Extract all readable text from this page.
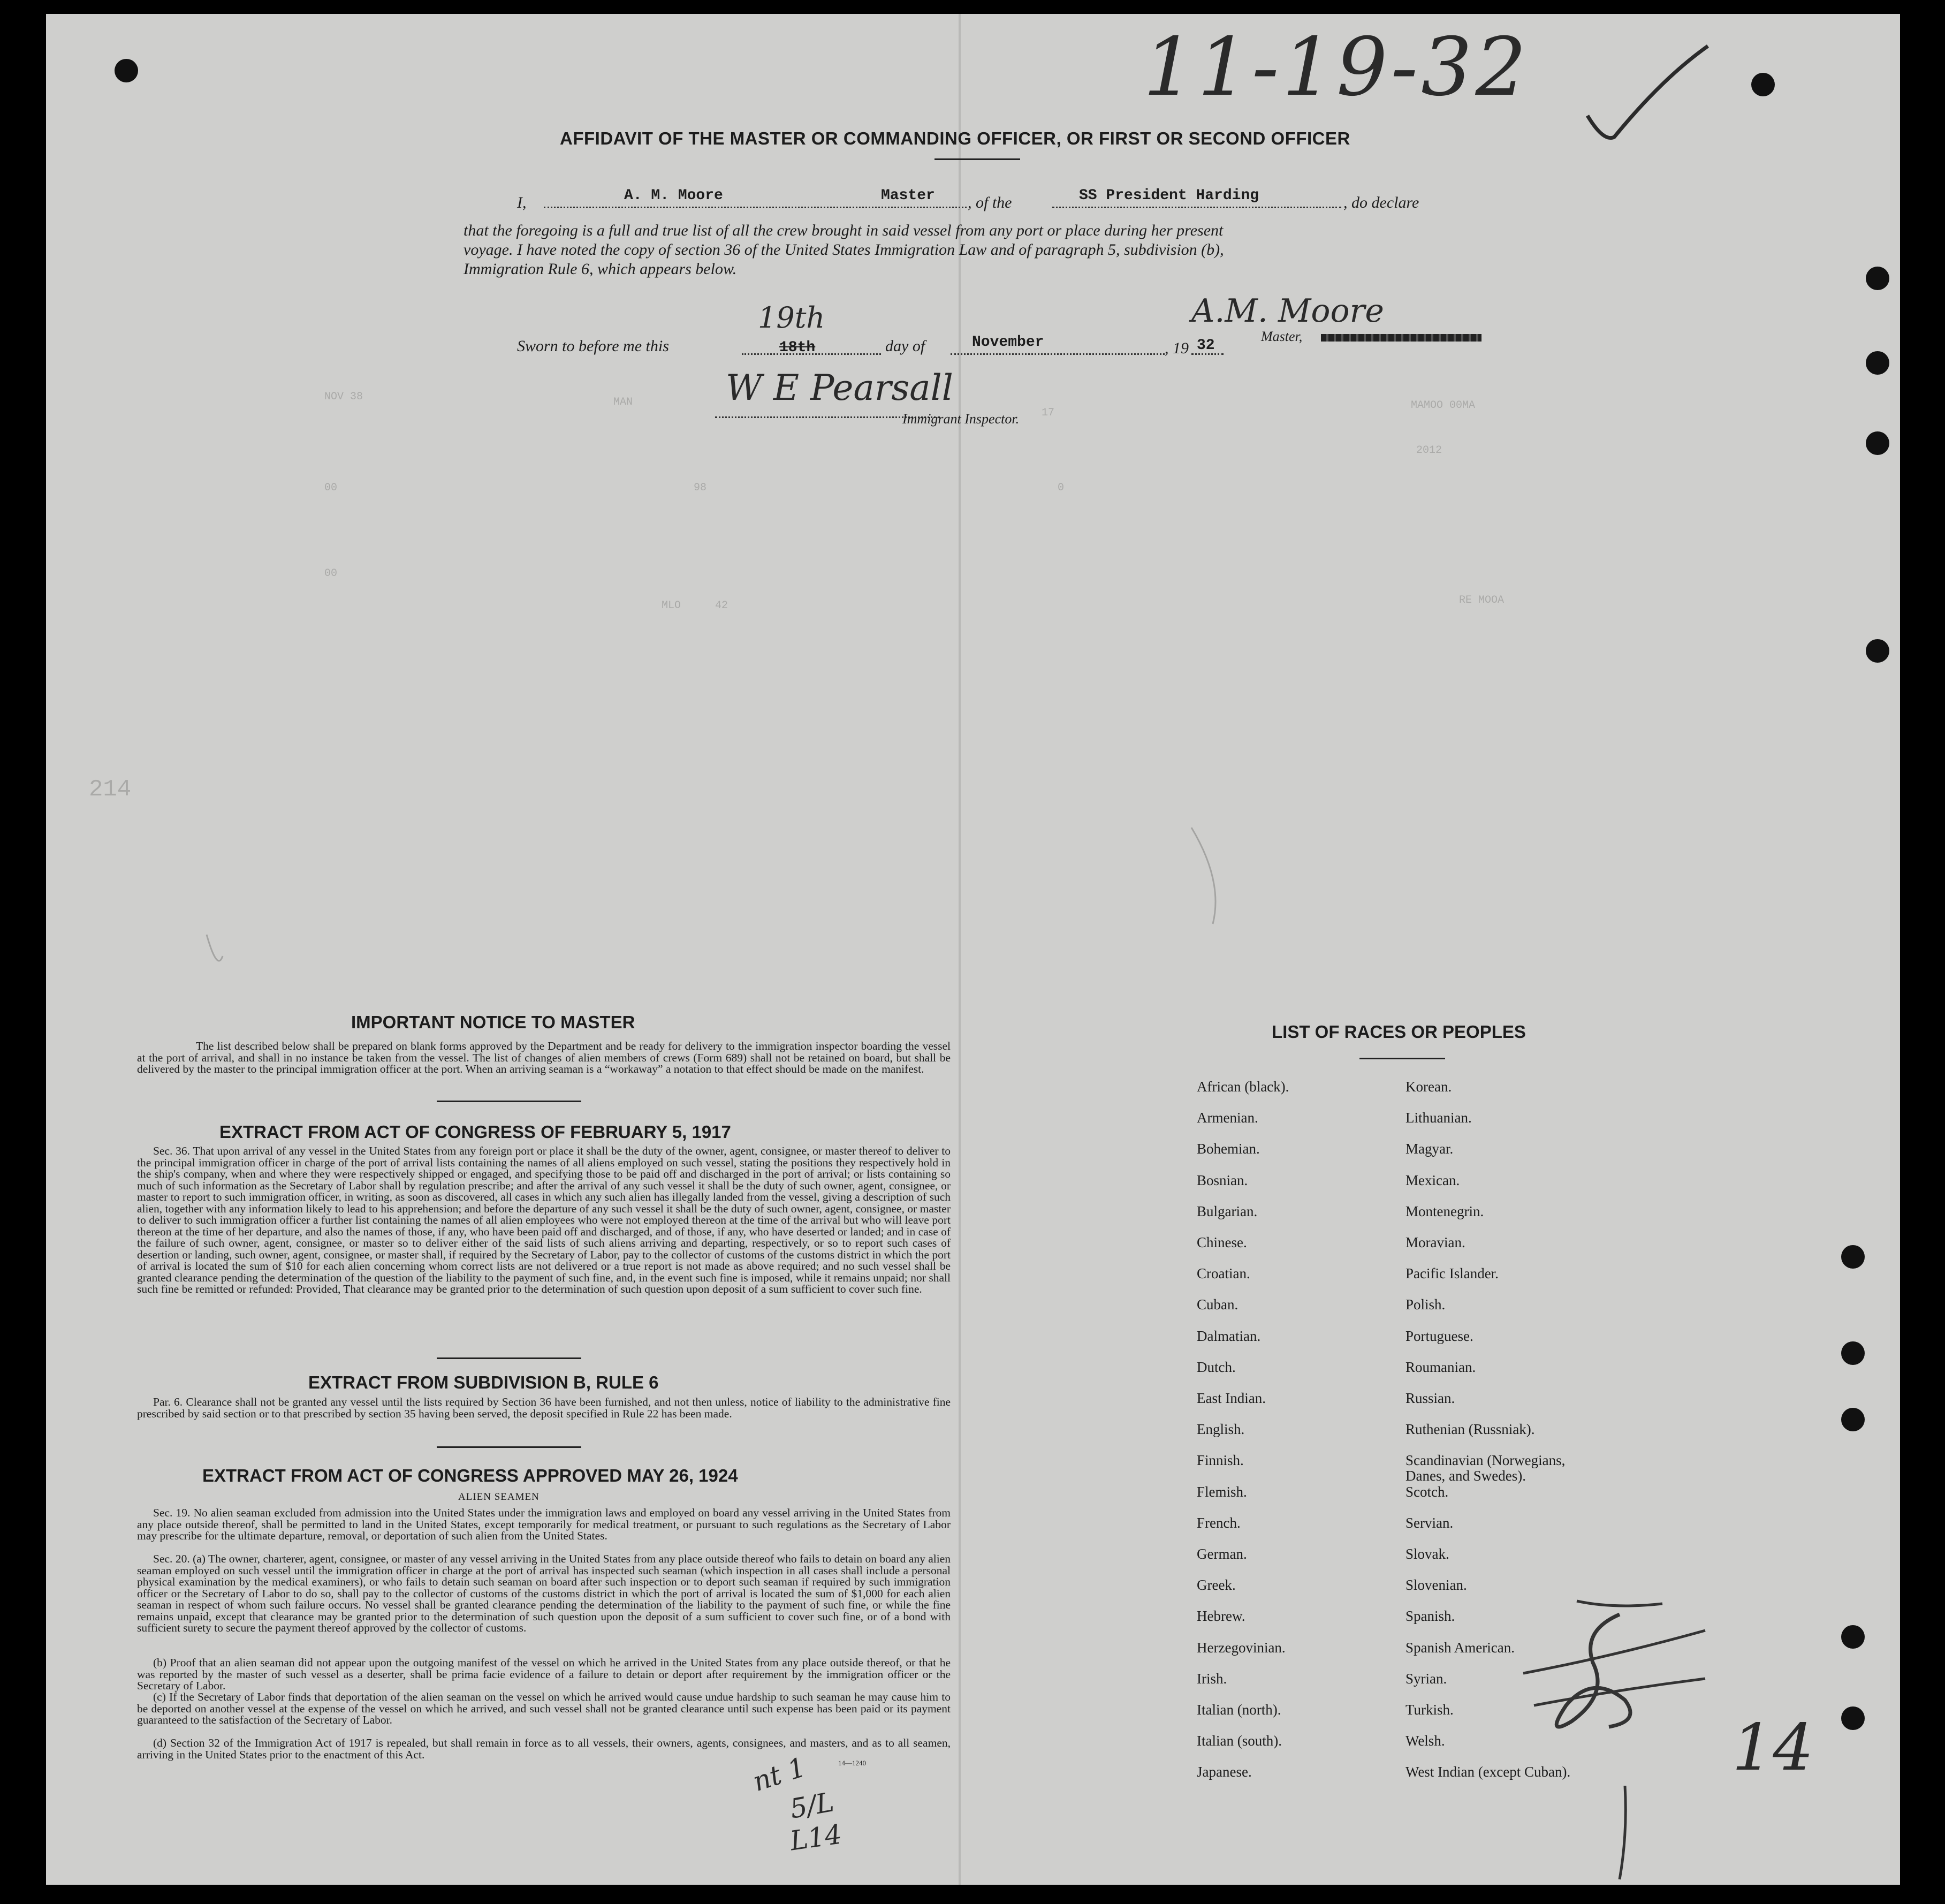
11-19-32
AFFIDAVIT OF THE MASTER OR COMMANDING OFFICER, OR FIRST OR SECOND OFFICER
I,	A. M. Moore	Master , of the	SS President Harding	, do declare
that the foregoing is a full and true list of all the crew brought in said vessel from any port or place during her present
voyage. I have noted the copy of section 36 of the United States Immigration Law and of paragraph 5, subdivision (b),
Immigration Rule 6, which appears below.
A.M. Moore
Master,
Sworn to before me this
19th
18th	day of	November	, 19 32
W E Pearsall
Immigrant Inspector.
NOV 38	MAN
17
00	98	0
00
MLO	42
214
MAMOO 00MA
2012
RE MOOA
IMPORTANT NOTICE TO MASTER

The list described below shall be prepared on blank forms approved by the Department and be ready for delivery to the immigration inspector boarding the vessel at the port of arrival, and shall in no instance be taken from the vessel. The list of changes of alien members of crews (Form 689) shall not be retained on board, but shall be delivered by the master to the principal immigration officer at the port. When an arriving seaman is a “workaway” a notation to that effect should be made on the manifest.

EXTRACT FROM ACT OF CONGRESS OF FEBRUARY 5, 1917

Sec. 36. That upon arrival of any vessel in the United States from any foreign port or place it shall be the duty of the owner, agent, consignee, or master thereof to deliver to the principal immigration officer in charge of the port of arrival lists containing the names of all aliens employed on such vessel, stating the positions they respectively hold in the ship's company, when and where they were respectively shipped or engaged, and specifying those to be paid off and discharged in the port of arrival; or lists containing so much of such information as the Secretary of Labor shall by regulation prescribe; and after the arrival of any such vessel it shall be the duty of such owner, agent, consignee, or master to report to such immigration officer, in writing, as soon as discovered, all cases in which any such alien has illegally landed from the vessel, giving a description of such alien, together with any information likely to lead to his apprehension; and before the departure of any such vessel it shall be the duty of such owner, agent, consignee, or master to deliver to such immigration officer a further list containing the names of all alien employees who were not employed thereon at the time of the arrival but who will leave port thereon at the time of her departure, and also the names of those, if any, who have been paid off and discharged, and of those, if any, who have deserted or landed; and in case of the failure of such owner, agent, consignee, or master so to deliver either of the said lists of such aliens arriving and departing, respectively, or so to report such cases of desertion or landing, such owner, agent, consignee, or master shall, if required by the Secretary of Labor, pay to the collector of customs of the customs district in which the port of arrival is located the sum of $10 for each alien concerning whom correct lists are not delivered or a true report is not made as above required; and no such vessel shall be granted clearance pending the determination of the question of the liability to the payment of such fine, and, in the event such fine is imposed, while it remains unpaid; nor shall such fine be remitted or refunded: Provided, That clearance may be granted prior to the determination of such question upon deposit of a sum sufficient to cover such fine.

EXTRACT FROM SUBDIVISION B, RULE 6

Par. 6. Clearance shall not be granted any vessel until the lists required by Section 36 have been furnished, and not then unless, notice of liability to the administrative fine prescribed by said section or to that prescribed by section 35 having been served, the deposit specified in Rule 22 has been made.

EXTRACT FROM ACT OF CONGRESS APPROVED MAY 26, 1924
ALIEN SEAMEN

Sec. 19. No alien seaman excluded from admission into the United States under the immigration laws and employed on board any vessel arriving in the United States from any place outside thereof, shall be permitted to land in the United States, except temporarily for medical treatment, or pursuant to such regulations as the Secretary of Labor may prescribe for the ultimate departure, removal, or deportation of such alien from the United States.

Sec. 20. (a) The owner, charterer, agent, consignee, or master of any vessel arriving in the United States from any place outside thereof who fails to detain on board any alien seaman employed on such vessel until the immigration officer in charge at the port of arrival has inspected such seaman (which inspection in all cases shall include a personal physical examination by the medical examiners), or who fails to detain such seaman on board after such inspection or to deport such seaman if required by such immigration officer or the Secretary of Labor to do so, shall pay to the collector of customs of the customs district in which the port of arrival is located the sum of $1,000 for each alien seaman in respect of whom such failure occurs. No vessel shall be granted clearance pending the determination of the liability to the payment of such fine, or while the fine remains unpaid, except that clearance may be granted prior to the determination of such question upon the deposit of a sum sufficient to cover such fine, or of a bond with sufficient surety to secure the payment thereof approved by the collector of customs.

(b) Proof that an alien seaman did not appear upon the outgoing manifest of the vessel on which he arrived in the United States from any place outside thereof, or that he was reported by the master of such vessel as a deserter, shall be prima facie evidence of a failure to detain or deport after requirement by the immigration officer or the Secretary of Labor.

(c) If the Secretary of Labor finds that deportation of the alien seaman on the vessel on which he arrived would cause undue hardship to such seaman he may cause him to be deported on another vessel at the expense of the vessel on which he arrived, and such vessel shall not be granted clearance until such expense has been paid or its payment guaranteed to the satisfaction of the Secretary of Labor.

(d) Section 32 of the Immigration Act of 1917 is repealed, but shall remain in force as to all vessels, their owners, agents, consignees, and masters, and as to all seamen, arriving in the United States prior to the enactment of this Act.

14—1240
nt 1
5/L
L14
LIST OF RACES OR PEOPLES
African (black).
Armenian.
Bohemian.
Bosnian.
Bulgarian.
Chinese.
Croatian.
Cuban.
Dalmatian.
Dutch.
East Indian.
English.
Finnish.
Flemish.
French.
German.
Greek.
Hebrew.
Herzegovinian.
Irish.
Italian (north).
Italian (south).
Japanese.
Korean.
Lithuanian.
Magyar.
Mexican.
Montenegrin.
Moravian.
Pacific Islander.
Polish.
Portuguese.
Roumanian.
Russian.
Ruthenian (Russniak).
Scandinavian (Norwegians, Danes, and Swedes).
Scotch.
Servian.
Slovak.
Slovenian.
Spanish.
Spanish American.
Syrian.
Turkish.
Welsh.
West Indian (except Cuban).	14
